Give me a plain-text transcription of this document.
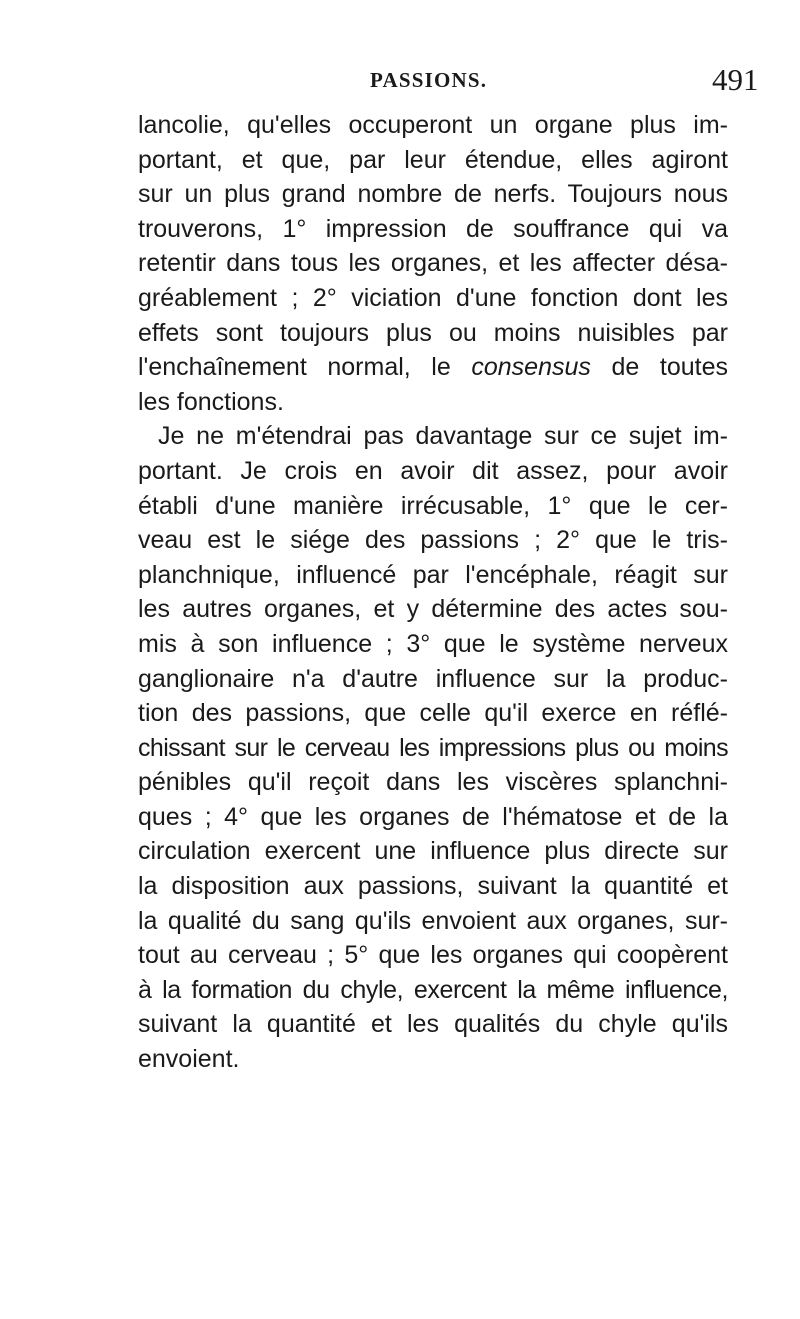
PASSIONS.	491
lancolie, qu'elles occuperont un organe plus im-
portant, et que, par leur étendue, elles agiront
sur un plus grand nombre de nerfs. Toujours nous
trouverons, 1° impression de souffrance qui va
retentir dans tous les organes, et les affecter désa-
gréablement ; 2° viciation d'une fonction dont les
effets sont toujours plus ou moins nuisibles par
l'enchaînement normal, le consensus de toutes
les fonctions.
Je ne m'étendrai pas davantage sur ce sujet im-
portant. Je crois en avoir dit assez, pour avoir
établi d'une manière irrécusable, 1° que le cer-
veau est le siége des passions ; 2° que le tris-
planchnique, influencé par l'encéphale, réagit sur
les autres organes, et y détermine des actes sou-
mis à son influence ; 3° que le système nerveux
ganglionaire n'a d'autre influence sur la produc-
tion des passions, que celle qu'il exerce en réflé-
chissant sur le cerveau les impressions plus ou moins
pénibles qu'il reçoit dans les viscères splanchni-
ques ; 4° que les organes de l'hématose et de la
circulation exercent une influence plus directe sur
la disposition aux passions, suivant la quantité et
la qualité du sang qu'ils envoient aux organes, sur-
tout au cerveau ; 5° que les organes qui coopèrent
à la formation du chyle, exercent la même influence,
suivant la quantité et les qualités du chyle qu'ils
envoient.
